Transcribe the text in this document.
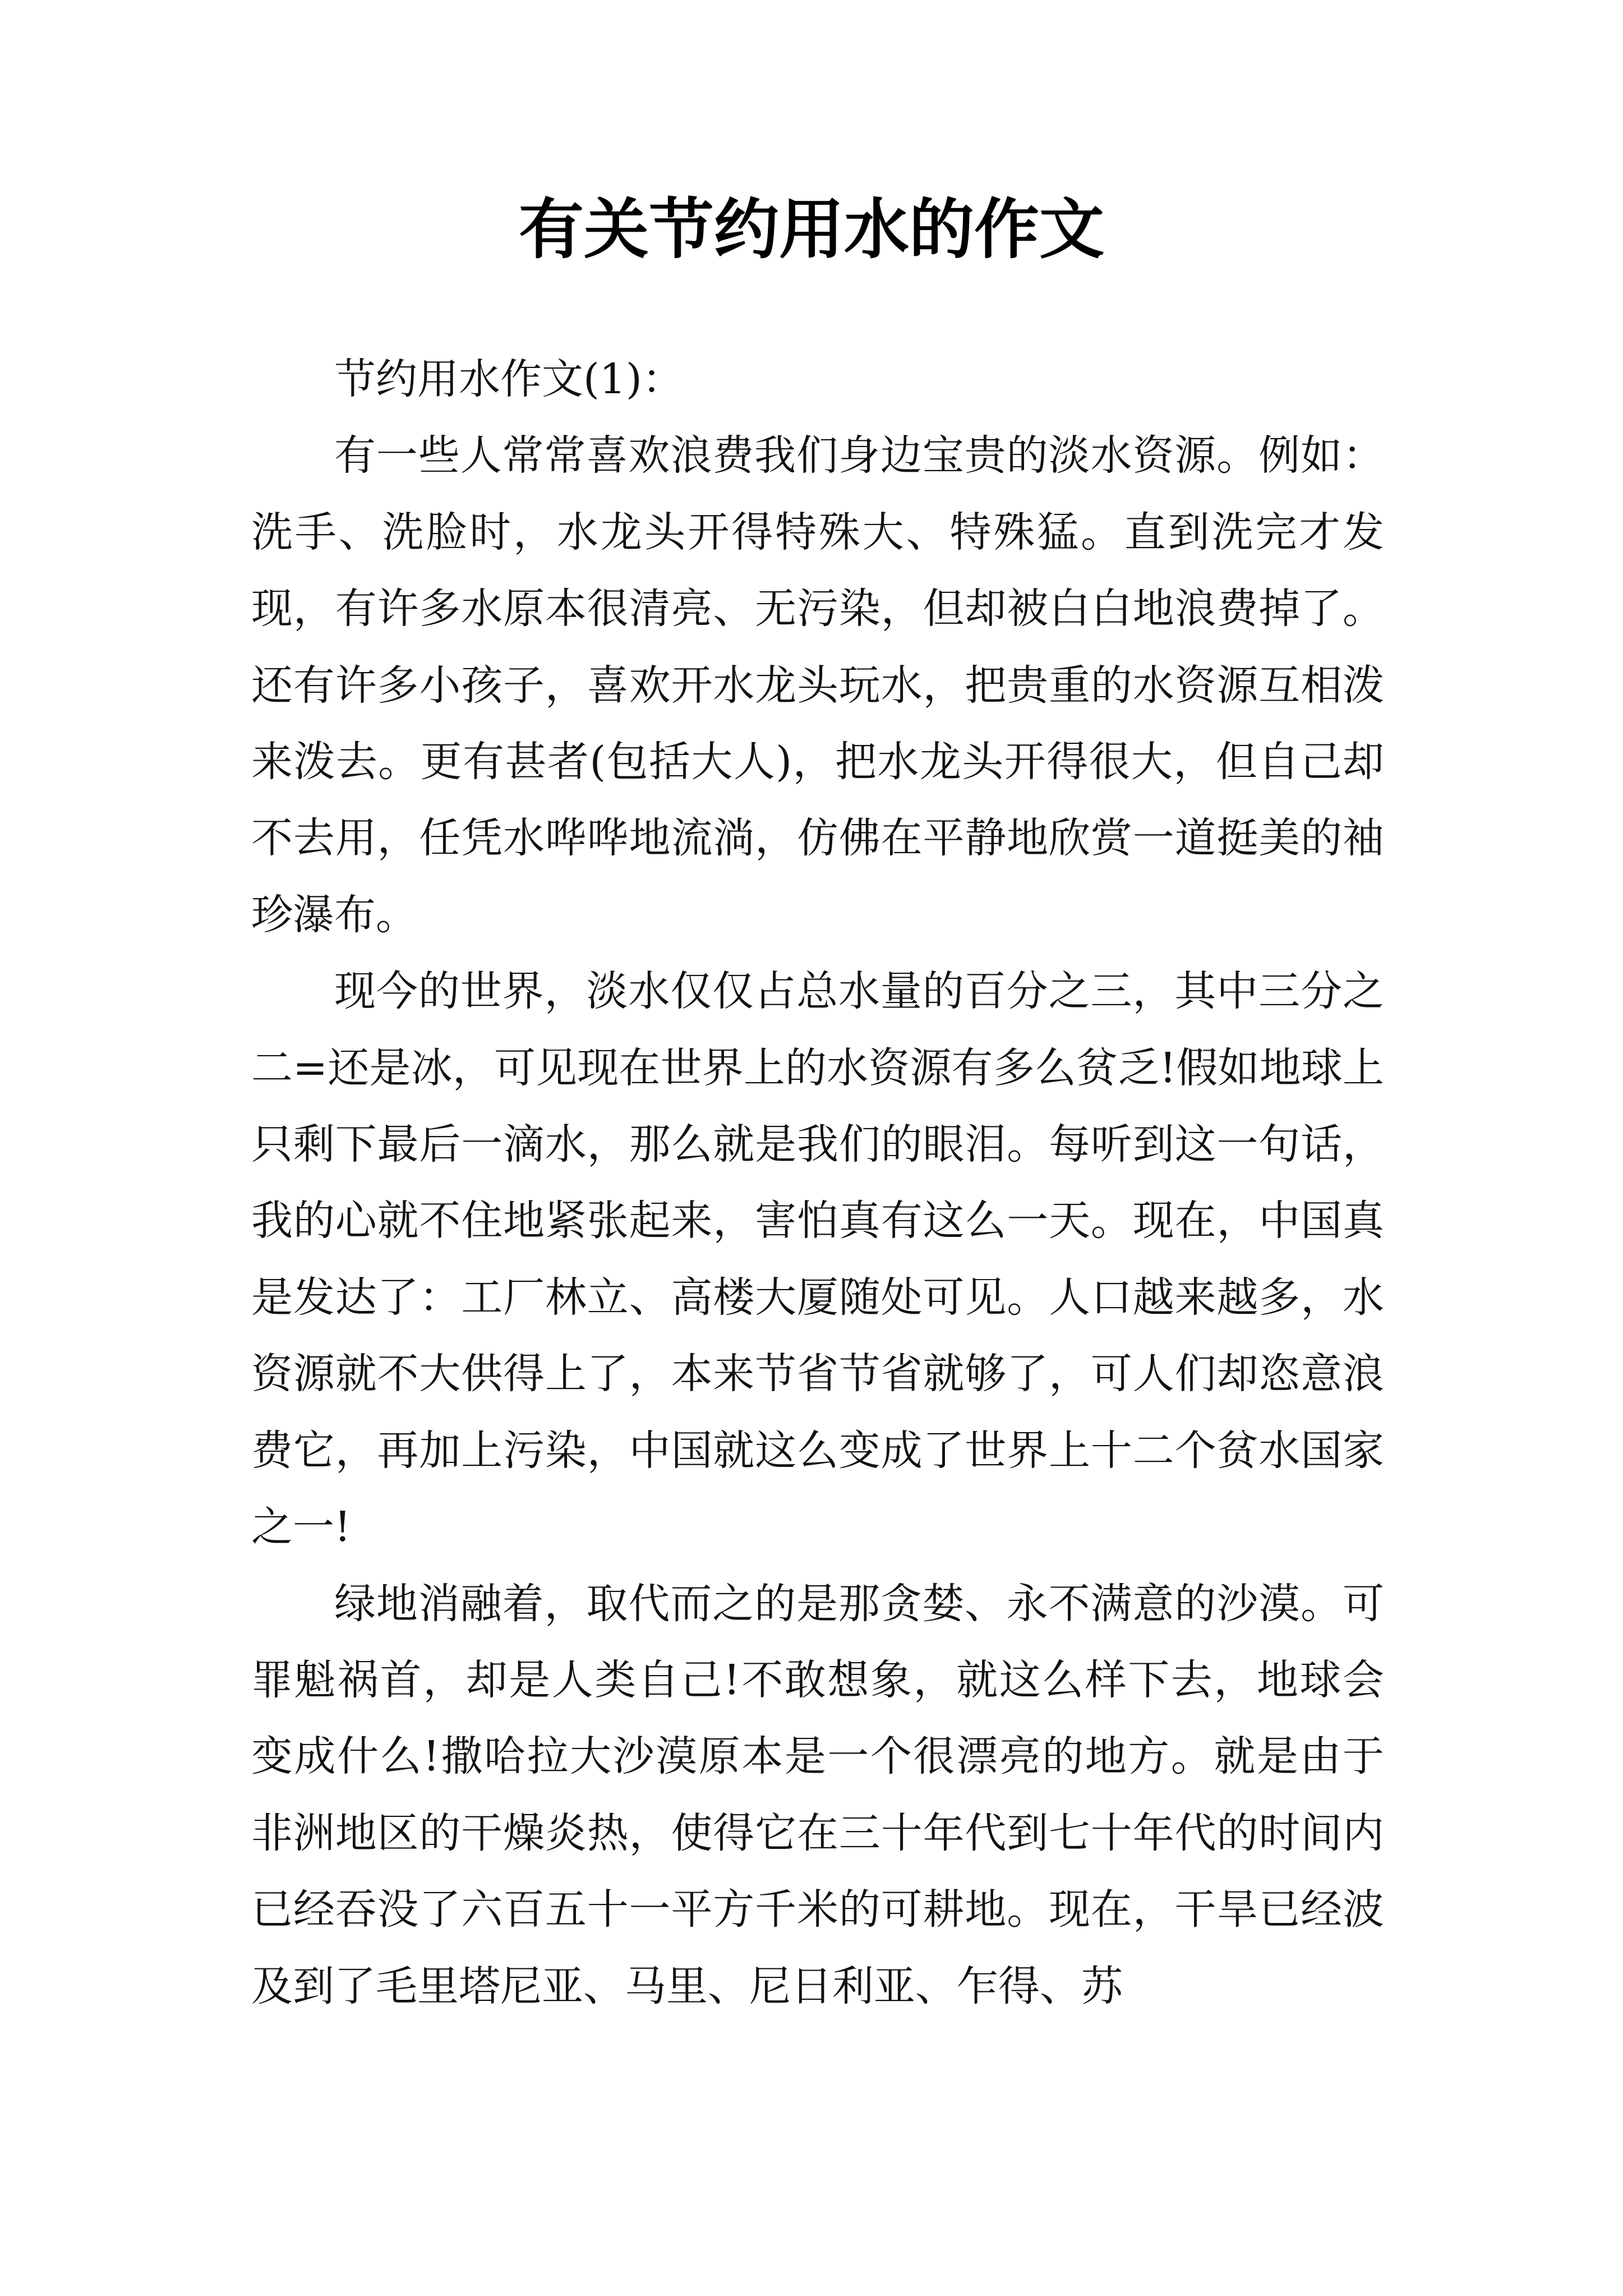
有关节约用水的作文

节约用水作文(1)：

有一些人常常喜欢浪费我们身边宝贵的淡水资源。例如：洗手、洗脸时，水龙头开得特殊大、特殊猛。直到洗完才发现，有许多水原本很清亮、无污染，但却被白白地浪费掉了。还有许多小孩子，喜欢开水龙头玩水，把贵重的水资源互相泼来泼去。更有甚者(包括大人)，把水龙头开得很大，但自己却不去用，任凭水哗哗地流淌，仿佛在平静地欣赏一道挺美的袖珍瀑布。

现今的世界，淡水仅仅占总水量的百分之三，其中三分之二=还是冰，可见现在世界上的水资源有多么贫乏!假如地球上只剩下最后一滴水，那么就是我们的眼泪。每听到这一句话，我的心就不住地紧张起来，害怕真有这么一天。现在，中国真是发达了：工厂林立、高楼大厦随处可见。人口越来越多，水资源就不大供得上了，本来节省节省就够了，可人们却恣意浪费它，再加上污染，中国就这么变成了世界上十二个贫水国家之一!

绿地消融着，取代而之的是那贪婪、永不满意的沙漠。可罪魁祸首，却是人类自己!不敢想象，就这么样下去，地球会变成什么!撒哈拉大沙漠原本是一个很漂亮的地方。就是由于非洲地区的干燥炎热，使得它在三十年代到七十年代的时间内已经吞没了六百五十一平方千米的可耕地。现在，干旱已经波及到了毛里塔尼亚、马里、尼日利亚、乍得、苏
